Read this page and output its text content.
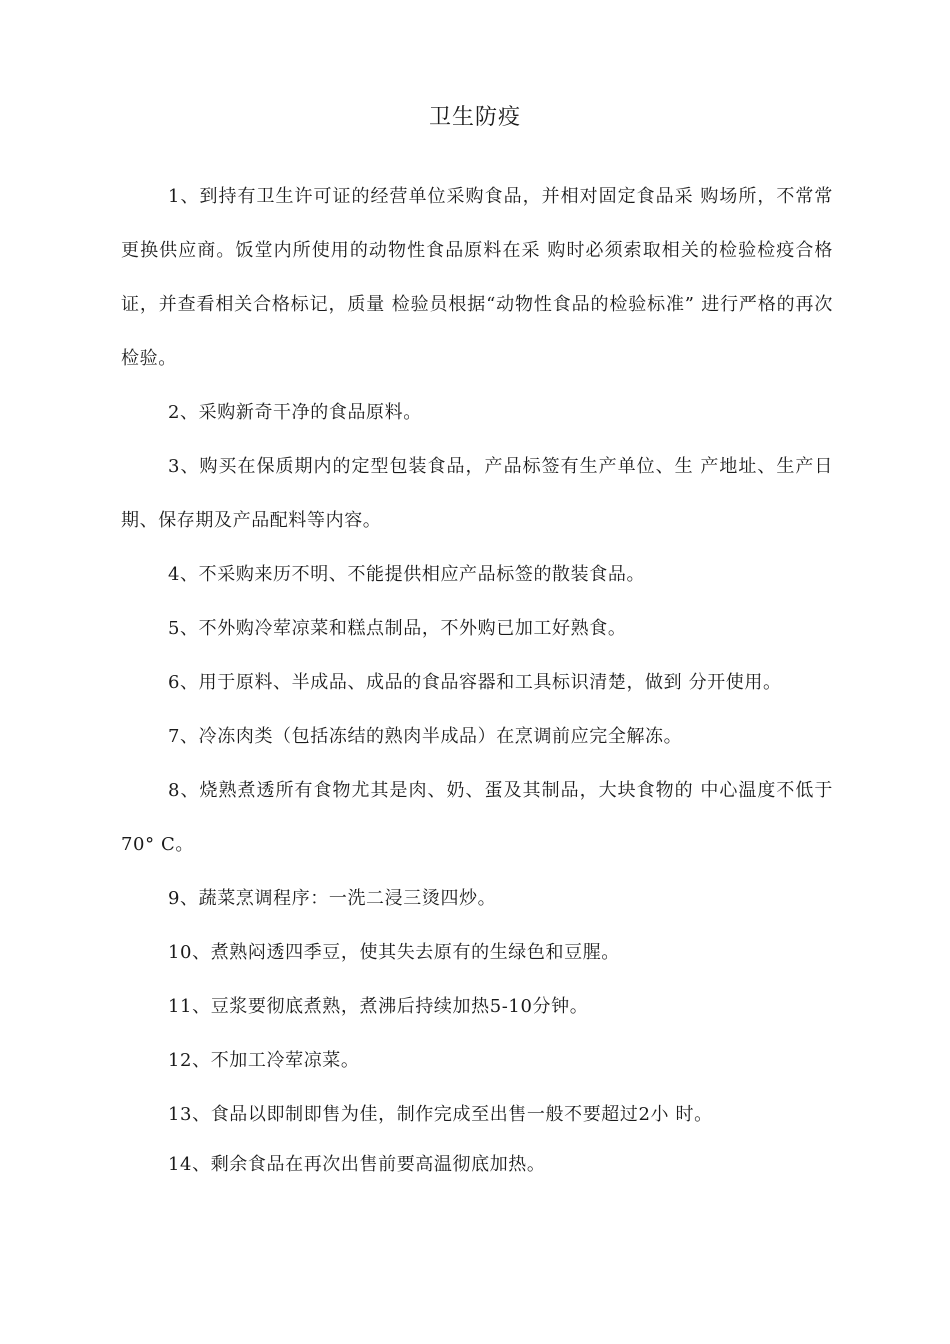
卫生防疫

1、到持有卫生许可证的经营单位采购食品，并相对固定食品采 购场所，不常常更换供应商。饭堂内所使用的动物性食品原料在采 购时必须索取相关的检验检疫合格证，并查看相关合格标记，质量 检验员根据“动物性食品的检验标准” 进行严格的再次检验。

2、采购新奇干净的食品原料。

3、购买在保质期内的定型包装食品，产品标签有生产单位、生 产地址、生产日期、保存期及产品配料等内容。

4、不采购来历不明、不能提供相应产品标签的散装食品。

5、不外购冷荤凉菜和糕点制品，不外购已加工好熟食。

6、用于原料、半成品、成品的食品容器和工具标识清楚，做到 分开使用。

7、冷冻肉类（包括冻结的熟肉半成品）在烹调前应完全解冻。

8、烧熟煮透所有食物尤其是肉、奶、蛋及其制品，大块食物的 中心温度不低于70° C。

9、蔬菜烹调程序：一洗二浸三烫四炒。

10、煮熟闷透四季豆，使其失去原有的生绿色和豆腥。

11、豆浆要彻底煮熟，煮沸后持续加热5-10分钟。

12、不加工冷荤凉菜。

13、食品以即制即售为佳，制作完成至出售一般不要超过2小 时。

14、剩余食品在再次出售前要高温彻底加热。
